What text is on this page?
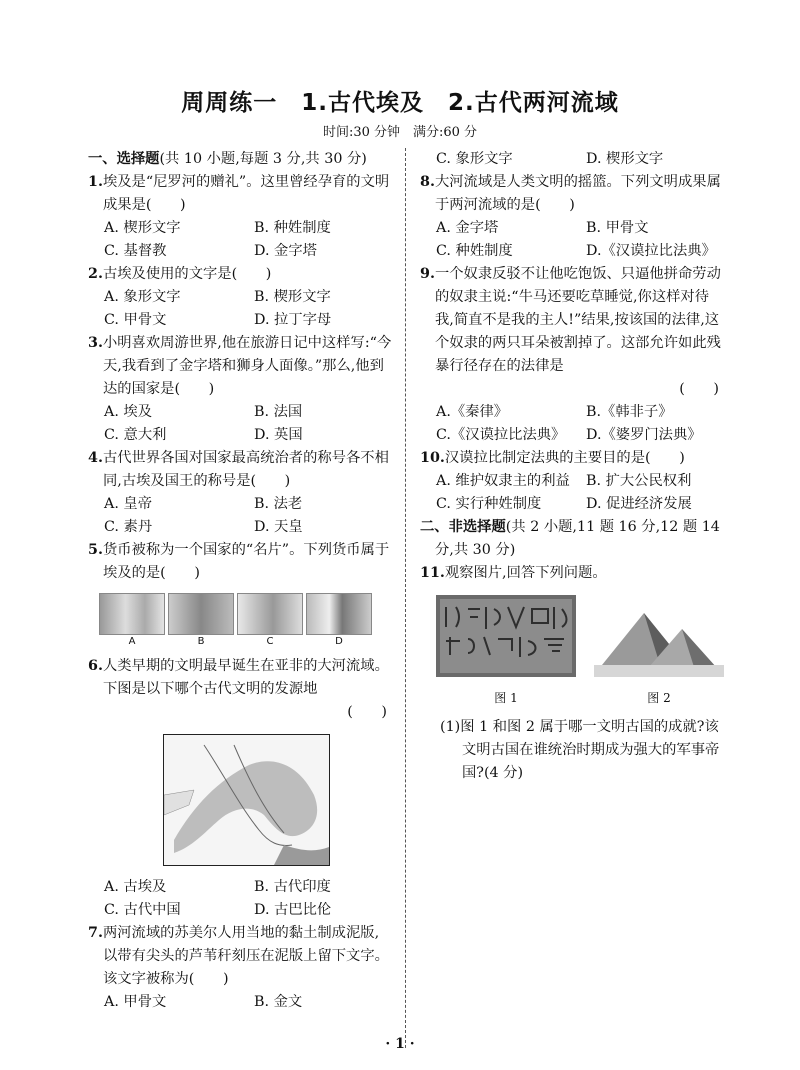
周周练一　1.古代埃及　2.古代两河流域
时间:30 分钟　满分:60 分
一、选择题(共 10 小题,每题 3 分,共 30 分)
1.埃及是“尼罗河的赠礼”。这里曾经孕育的文明成果是(　　)
A. 楔形文字	B. 种姓制度
C. 基督教	D. 金字塔
2.古埃及使用的文字是(　　)
A. 象形文字	B. 楔形文字
C. 甲骨文	D. 拉丁字母
3.小明喜欢周游世界,他在旅游日记中这样写:“今天,我看到了金字塔和狮身人面像。”那么,他到达的国家是(　　)
A. 埃及	B. 法国
C. 意大利	D. 英国
4.古代世界各国对国家最高统治者的称号各不相同,古埃及国王的称号是(　　)
A. 皇帝	B. 法老
C. 素丹	D. 天皇
5.货币被称为一个国家的“名片”。下列货币属于埃及的是(　　)
A	B	C	D
6.人类早期的文明最早诞生在亚非的大河流域。下图是以下哪个古代文明的发源地
(　　)
A. 古埃及	B. 古代印度
C. 古代中国	D. 古巴比伦
7.两河流域的苏美尔人用当地的黏土制成泥版,以带有尖头的芦苇秆刻压在泥版上留下文字。该文字被称为(　　)
A. 甲骨文	B. 金文
C. 象形文字	D. 楔形文字
8.大河流域是人类文明的摇篮。下列文明成果属于两河流域的是(　　)
A. 金字塔	B. 甲骨文
C. 种姓制度	D.《汉谟拉比法典》
9.一个奴隶反驳不让他吃饱饭、只逼他拼命劳动的奴隶主说:“牛马还要吃草睡觉,你这样对待我,简直不是我的主人!”结果,按该国的法律,这个奴隶的两只耳朵被割掉了。这部允许如此残暴行径存在的法律是
(　　)
A.《秦律》	B.《韩非子》
C.《汉谟拉比法典》	D.《婆罗门法典》
10.汉谟拉比制定法典的主要目的是(　　)
A. 维护奴隶主的利益	B. 扩大公民权利
C. 实行种姓制度	D. 促进经济发展
二、非选择题(共 2 小题,11 题 16 分,12 题 14 分,共 30 分)
11.观察图片,回答下列问题。
图 1	图 2
(1)图 1 和图 2 属于哪一文明古国的成就?该文明古国在谁统治时期成为强大的军事帝国?(4 分)
· 1 ·
